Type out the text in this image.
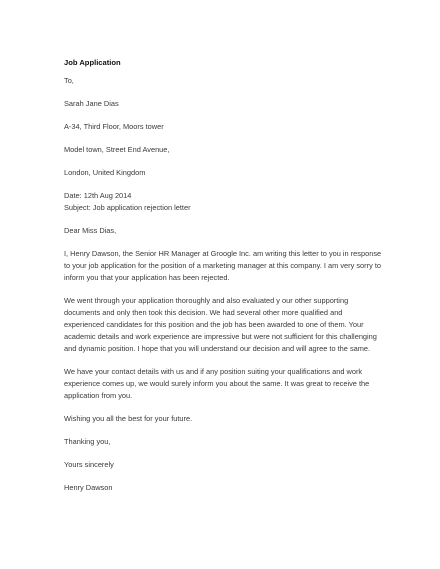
Job Application
To,
Sarah Jane Dias
A-34, Third Floor, Moors tower
Model town, Street End Avenue,
London, United Kingdom
Date: 12th Aug 2014
Subject: Job application rejection letter
Dear Miss Dias,
I, Henry Dawson, the Senior HR Manager at Groogle Inc. am writing this letter to you in response
to your job application for the position of a marketing manager at this company. I am very sorry to
inform you that your application has been rejected.
We went through your application thoroughly and also evaluated y our other supporting
documents and only then took this decision. We had several other more qualified and
experienced candidates for this position and the job has been awarded to one of them. Your
academic details and work experience are impressive but were not sufficient for this challenging
and dynamic position. I hope that you will understand our decision and will agree to the same.
We have your contact details with us and if any position suiting your qualifications and work
experience comes up, we would surely inform you about the same. It was great to receive the
application from you.
Wishing you all the best for your future.
Thanking you,
Yours sincerely
Henry Dawson
